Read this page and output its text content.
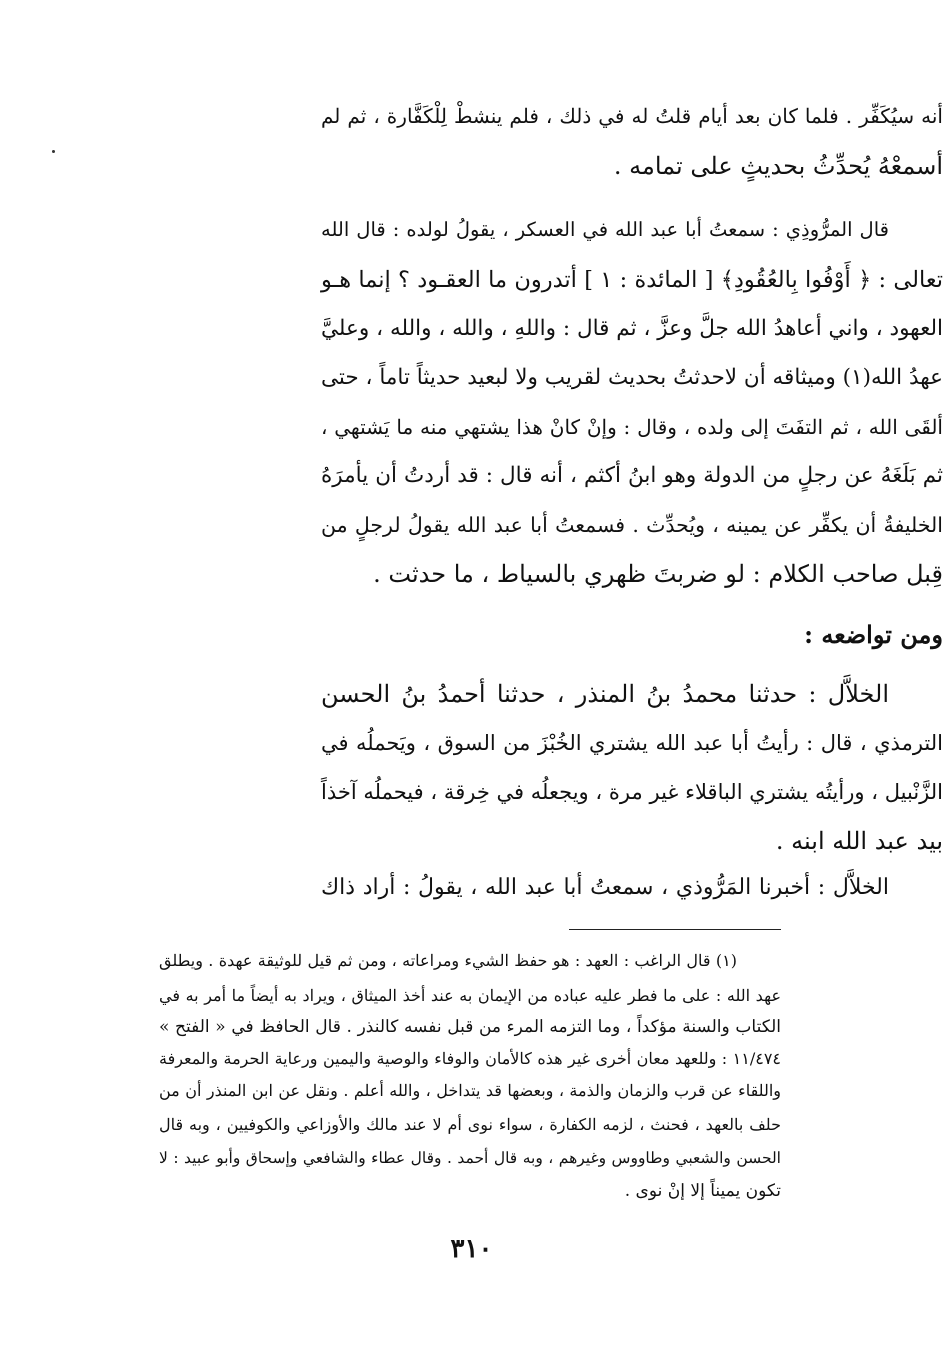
أنه سيُكَفِّر . فلما كان بعد أيام قلتُ له في ذلك ، فلم ينشطْ لِلْكَفَّارة ، ثم لم
أسمعْهُ يُحدِّثُ بحديثٍ على تمامه .
قال المرُّوذِي : سمعتُ أبا عبد الله في العسكر ، يقولُ لولده : قال الله
تعالى : ﴿ أَوْفُوا بِالعُقُودِ﴾ [ المائدة : ١ ] أتدرون ما العقـود ؟ إنما هـو
العهود ، واني أعاهدُ الله جلَّ وعزَّ ، ثم قال : واللهِ ، والله ، والله ، وعليَّ
عهدُ الله(١) وميثاقه أن لاحدثتُ بحديث لقريب ولا لبعيد حديثاً تاماً ، حتى
ألقَى الله ، ثم التفَتَ إلى ولده ، وقال : وإنْ كانْ هذا يشتهي منه ما يَشتهي ،
ثم بَلَغَهُ عن رجلٍ من الدولة وهو ابنُ أكثم ، أنه قال : قد أردتُ أن يأمرَهُ
الخليفةُ أن يكفِّر عن يمينه ، ويُحدِّث . فسمعتُ أبا عبد الله يقولُ لرجلٍ من
قِبل صاحب الكلام : لو ضربتَ ظهري بالسياط ، ما حدثت .
ومن تواضعه :
الخلاَّل : حدثنا محمدُ بنُ المنذر ، حدثنا أحمدُ بنُ الحسن
الترمذي ، قال : رأيتُ أبا عبد الله يشتري الخُبْزَ من السوق ، ويَحملُه في
الزَّنْبيل ، ورأيتُه يشتري الباقلاء غير مرة ، ويجعلُه في خِرقة ، فيحملُه آخذاً
بيد عبد الله ابنه .
الخلاَّل : أخبرنا المَرُّوذي ، سمعتُ أبا عبد الله ، يقولُ : أراد ذاك
(١) قال الراغب : العهد : هو حفظ الشيء ومراعاته ، ومن ثم قيل للوثيقة عهدة . ويطلق
عهد الله : على ما فطر عليه عباده من الإيمان به عند أخذ الميثاق ، ويراد به أيضاً ما أمر به في
الكتاب والسنة مؤكداً ، وما التزمه المرء من قبل نفسه كالنذر . قال الحافظ في « الفتح »
١١/٤٧٤ : وللعهد معان أخرى غير هذه كالأمان والوفاء والوصية واليمين ورعاية الحرمة والمعرفة
واللقاء عن قرب والزمان والذمة ، وبعضها قد يتداخل ، والله أعلم . ونقل عن ابن المنذر أن من
حلف بالعهد ، فحنث ، لزمه الكفارة ، سواء نوى أم لا عند مالك والأوزاعي والكوفيين ، وبه قال
الحسن والشعبي وطاووس وغيرهم ، وبه قال أحمد . وقال عطاء والشافعي وإسحاق وأبو عبيد : لا
تكون يميناً إلا إنْ نوى .
٣١٠
